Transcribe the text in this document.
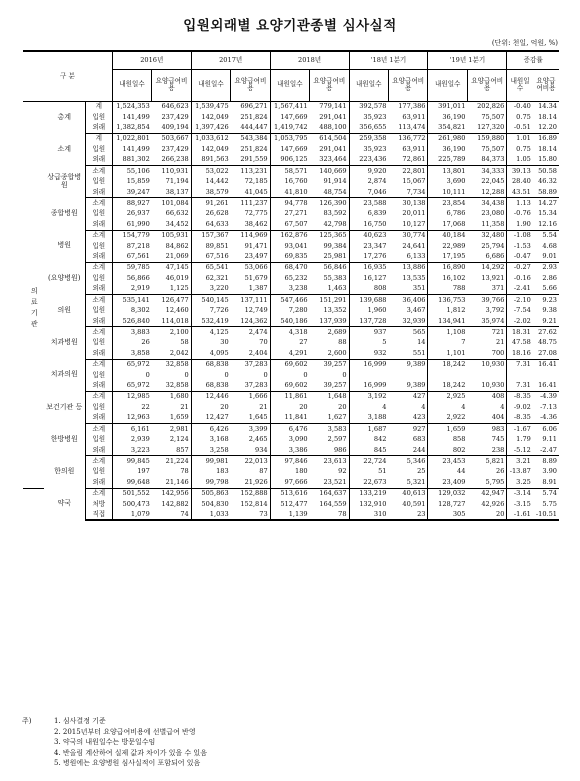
입원외래별 요양기관종별 심사실적
(단위: 천일, 억원, %)
구 분			2016년		2017년		2018년		'18년 1분기		'19년 1분기		증감률	
			내원일수	요양급여비용	내원일수	요양급여비용	내원일수	요양급여비용	내원일수	요양급여비용	내원일수	요양급여비용	내원일수	요양급여비용
	총계	계	1,524,353	646,623	1,539,475	696,271	1,567,411	779,141	392,578	177,386	391,011	202,826	-0.40	14.34
		입원	141,499	237,429	142,049	251,824	147,669	291,041	35,923	63,911	36,190	75,507	0.75	18.14
		외래	1,382,854	409,194	1,397,426	444,447	1,419,742	488,100	356,655	113,474	354,821	127,320	-0.51	12.20
의료기관	소계	계	1,022,801	503,667	1,033,612	543,384	1,053,795	614,504	259,358	136,772	261,980	159,880	1.01	16.89
		입원	141,499	237,429	142,049	251,824	147,669	291,041	35,923	63,911	36,190	75,507	0.75	18.14
		외래	881,302	266,238	891,563	291,559	906,125	323,464	223,436	72,861	225,789	84,373	1.05	15.80
	상급종합병원	소계	55,106	110,931	53,022	113,231	58,571	140,669	9,920	22,801	13,801	34,333	39.13	50.58
		입원	15,859	71,194	14,442	72,185	16,760	91,914	2,874	15,067	3,690	22,045	28.40	46.32
		외래	39,247	38,137	38,579	41,045	41,810	48,754	7,046	7,734	10,111	12,288	43.51	58.89
	종합병원	소계	88,927	101,084	91,261	111,237	94,778	126,390	23,588	30,138	23,854	34,438	1.13	14.27
		입원	26,937	66,632	26,628	72,775	27,271	83,592	6,839	20,011	6,786	23,080	-0.76	15.34
		외래	61,990	34,452	64,633	38,462	67,507	42,798	16,750	10,127	17,068	11,358	1.90	12.16
	병원	소계	154,779	105,931	157,367	114,969	162,876	125,365	40,623	30,774	40,184	32,480	-1.08	5.54
		입원	87,218	84,862	89,851	91,471	93,041	99,384	23,347	24,641	22,989	25,794	-1.53	4.68
		외래	67,561	21,069	67,516	23,497	69,835	25,981	17,276	6,133	17,195	6,686	-0.47	9.01
	(요양병원)	소계	59,785	47,145	65,541	53,066	68,470	56,846	16,935	13,886	16,890	14,292	-0.27	2.93
		입원	56,866	46,019	62,321	51,679	65,232	55,383	16,127	13,535	16,102	13,921	-0.16	2.86
		외래	2,919	1,125	3,220	1,387	3,238	1,463	808	351	788	371	-2.41	5.66
	의원	소계	535,141	126,477	540,145	137,111	547,466	151,291	139,688	36,406	136,753	39,766	-2.10	9.23
		입원	8,302	12,460	7,726	12,749	7,280	13,352	1,960	3,467	1,812	3,792	-7.54	9.38
		외래	526,840	114,018	532,419	124,362	540,186	137,939	137,728	32,939	134,941	35,974	-2.02	9.21
	치과병원	소계	3,883	2,100	4,125	2,474	4,318	2,689	937	565	1,108	721	18.31	27.62
		입원	26	58	30	70	27	88	5	14	7	21	47.58	48.75
		외래	3,858	2,042	4,095	2,404	4,291	2,600	932	551	1,101	700	18.16	27.08
	치과의원	소계	65,972	32,858	68,838	37,283	69,602	39,257	16,999	9,389	18,242	10,930	7.31	16.41
		입원	0	0	0	0	0	0						
		외래	65,972	32,858	68,838	37,283	69,602	39,257	16,999	9,389	18,242	10,930	7.31	16.41
	보건기관 등	소계	12,985	1,680	12,446	1,666	11,861	1,648	3,192	427	2,925	408	-8.35	-4.39
		입원	22	21	20	21	20	20	4	4	4	4	-9.02	-7.13
		외래	12,963	1,659	12,427	1,645	11,841	1,627	3,188	423	2,922	404	-8.35	-4.36
	한방병원	소계	6,161	2,981	6,426	3,399	6,476	3,583	1,687	927	1,659	983	-1.67	6.06
		입원	2,939	2,124	3,168	2,465	3,090	2,597	842	683	858	745	1.79	9.11
		외래	3,223	857	3,258	934	3,386	986	845	244	802	238	-5.12	-2.47
	한의원	소계	99,845	21,224	99,981	22,013	97,846	23,613	22,724	5,346	23,453	5,821	3.21	8.89
		입원	197	78	183	87	180	92	51	25	44	26	-13.87	3.90
		외래	99,648	21,146	99,798	21,926	97,666	23,521	22,673	5,321	23,409	5,795	3.25	8.91
	약국	소계	501,552	142,956	505,863	152,888	513,616	164,637	133,219	40,613	129,032	42,947	-3.14	5.74
		처방	500,473	142,882	504,830	152,814	512,477	164,559	132,910	40,591	128,727	42,926	-3.15	5.75
		직접	1,079	74	1,033	73	1,139	78	310	23	305	20	-1.61	-10.51
주)	1. 심사결정 기준
2. 2015년부터 요양급여비용에 선별급여 반영
3. 약국의 내원일수는 방문일수임
4. 반올림 계산하여 실제 값과 차이가 있을 수 있음
5. 병원에는 요양병원 심사실적이 포함되어 있음
